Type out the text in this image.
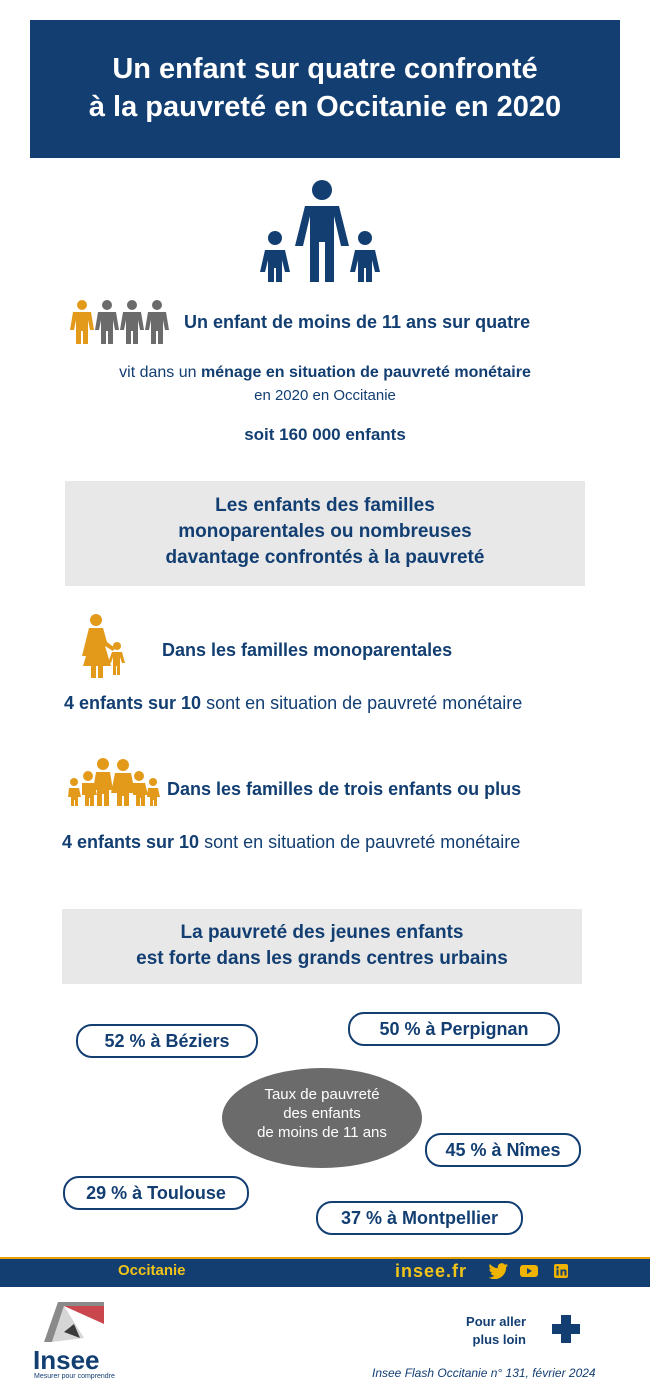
Un enfant sur quatre confronté
à la pauvreté en Occitanie en 2020
Un enfant de moins de 11 ans sur quatre
vit dans un ménage en situation de pauvreté monétaire
en 2020 en Occitanie
soit 160 000 enfants
Les enfants des familles
monoparentales ou nombreuses
davantage confrontés à la pauvreté
Dans les familles monoparentales
4 enfants sur 10 sont en situation de pauvreté monétaire
Dans les familles de trois enfants ou plus
4 enfants sur 10 sont en situation de pauvreté monétaire
La pauvreté des jeunes enfants
est forte dans les grands centres urbains
52 % à Béziers
50 % à Perpignan
Taux de pauvreté
des enfants
de moins de 11 ans
45 % à Nîmes
29 % à Toulouse
37 % à Montpellier
Occitanie	insee.fr
Insee
Mesurer pour comprendre
Pour aller
plus loin
Insee Flash Occitanie n° 131, février 2024
